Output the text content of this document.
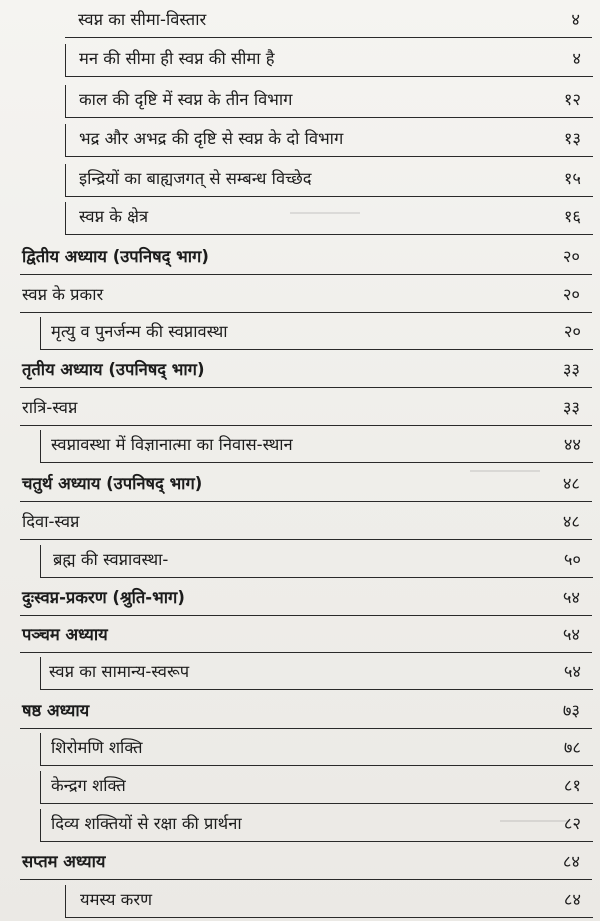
स्वप्न का सीमा-विस्तार	४
मन की सीमा ही स्वप्न की सीमा है	४
काल की दृष्टि में स्वप्न के तीन विभाग	१२
भद्र और अभद्र की दृष्टि से स्वप्न के दो विभाग	१३
इन्द्रियों का बाह्यजगत् से सम्बन्ध विच्छेद	१५
स्वप्न के क्षेत्र	१६
द्वितीय अध्याय (उपनिषद् भाग)	२०
स्वप्न के प्रकार	२०
मृत्यु व पुनर्जन्म की स्वप्नावस्था	२०
तृतीय अध्याय (उपनिषद् भाग)	३३
रात्रि-स्वप्न	३३
स्वप्नावस्था में विज्ञानात्मा का निवास-स्थान	४४
चतुर्थ अध्याय (उपनिषद् भाग)	४८
दिवा-स्वप्न	४८
ब्रह्म की स्वप्नावस्था-	५०
दुःस्वप्न-प्रकरण (श्रुति-भाग)	५४
पञ्चम अध्याय	५४
स्वप्न का सामान्य-स्वरूप	५४
षष्ठ अध्याय	७३
शिरोमणि शक्ति	७८
केन्द्रग शक्ति	८१
दिव्य शक्तियों से रक्षा की प्रार्थना	८२
सप्तम अध्याय	८४
यमस्य करण	८४
